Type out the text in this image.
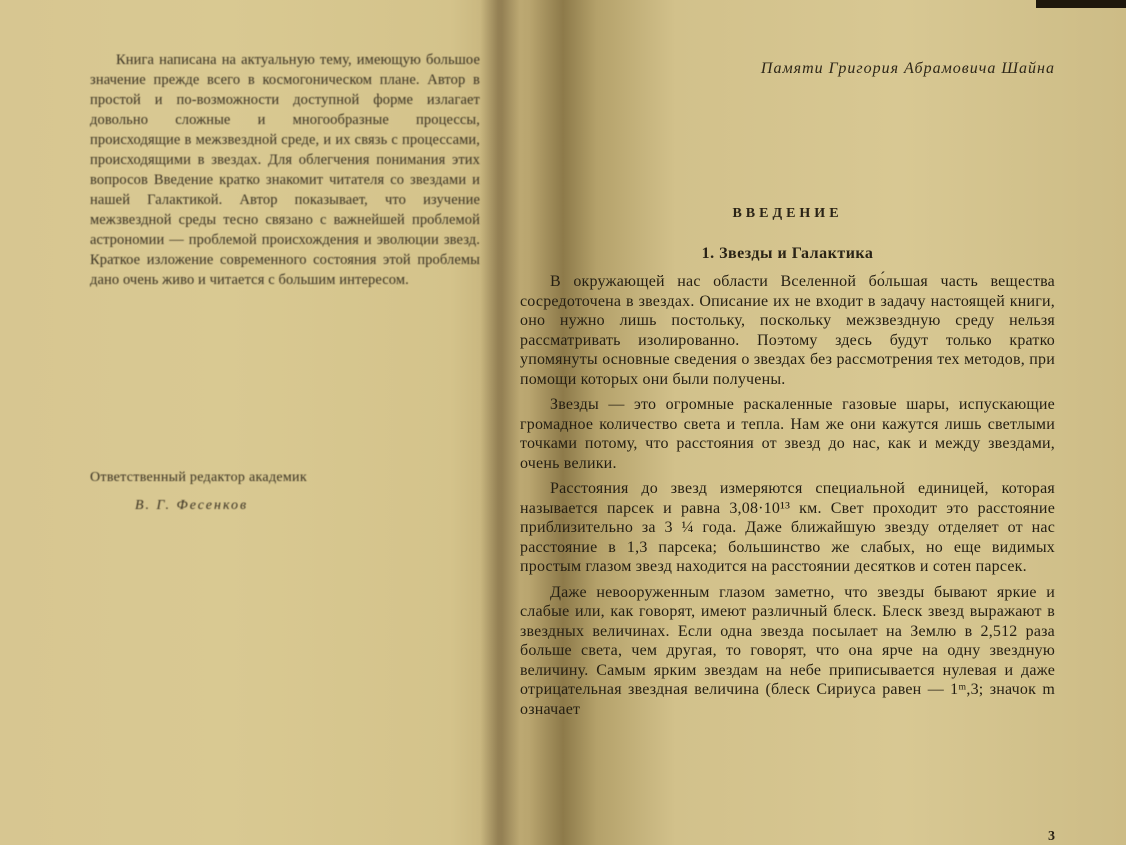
Книга написана на актуальную тему, имеющую большое значение прежде всего в космогоническом плане. Автор в простой и по-возможности доступной форме излагает довольно сложные и многообразные процессы, происходящие в межзвездной среде, и их связь с процессами, происходящими в звездах. Для облегчения понимания этих вопросов Введение кратко знакомит читателя со звездами и нашей Галактикой. Автор показывает, что изучение межзвездной среды тесно связано с важнейшей проблемой астрономии — проблемой происхождения и эволюции звезд. Краткое изложение современного состояния этой проблемы дано очень живо и читается с большим интересом.

Ответственный редактор академик
В. Г. Фесенков
Памяти Григория Абрамовича Шайна
ВВЕДЕНИЕ
1. Звезды и Галактика

В окружающей нас области Вселенной бо́льшая часть вещества сосредоточена в звездах. Описание их не входит в задачу настоящей книги, оно нужно лишь постольку, поскольку межзвездную среду нельзя рассматривать изолированно. Поэтому здесь будут только кратко упомянуты основные сведения о звездах без рассмотрения тех методов, при помощи которых они были получены.

Звезды — это огромные раскаленные газовые шары, испускающие громадное количество света и тепла. Нам же они кажутся лишь светлыми точками потому, что расстояния от звезд до нас, как и между звездами, очень велики.

Расстояния до звезд измеряются специальной единицей, которая называется парсек и равна 3,08·10¹³ км. Свет проходит это расстояние приблизительно за 3 ¼ года. Даже ближайшую звезду отделяет от нас расстояние в 1,3 парсека; большинство же слабых, но еще видимых простым глазом звезд находится на расстоянии десятков и сотен парсек.

Даже невооруженным глазом заметно, что звезды бывают яркие и слабые или, как говорят, имеют различный блеск. Блеск звезд выражают в звездных величинах. Если одна звезда посылает на Землю в 2,512 раза больше света, чем другая, то говорят, что она ярче на одну звездную величину. Самым ярким звездам на небе приписывается нулевая и даже отрицательная звездная величина (блеск Сириуса равен — 1ᵐ,3; значок m означает

3
